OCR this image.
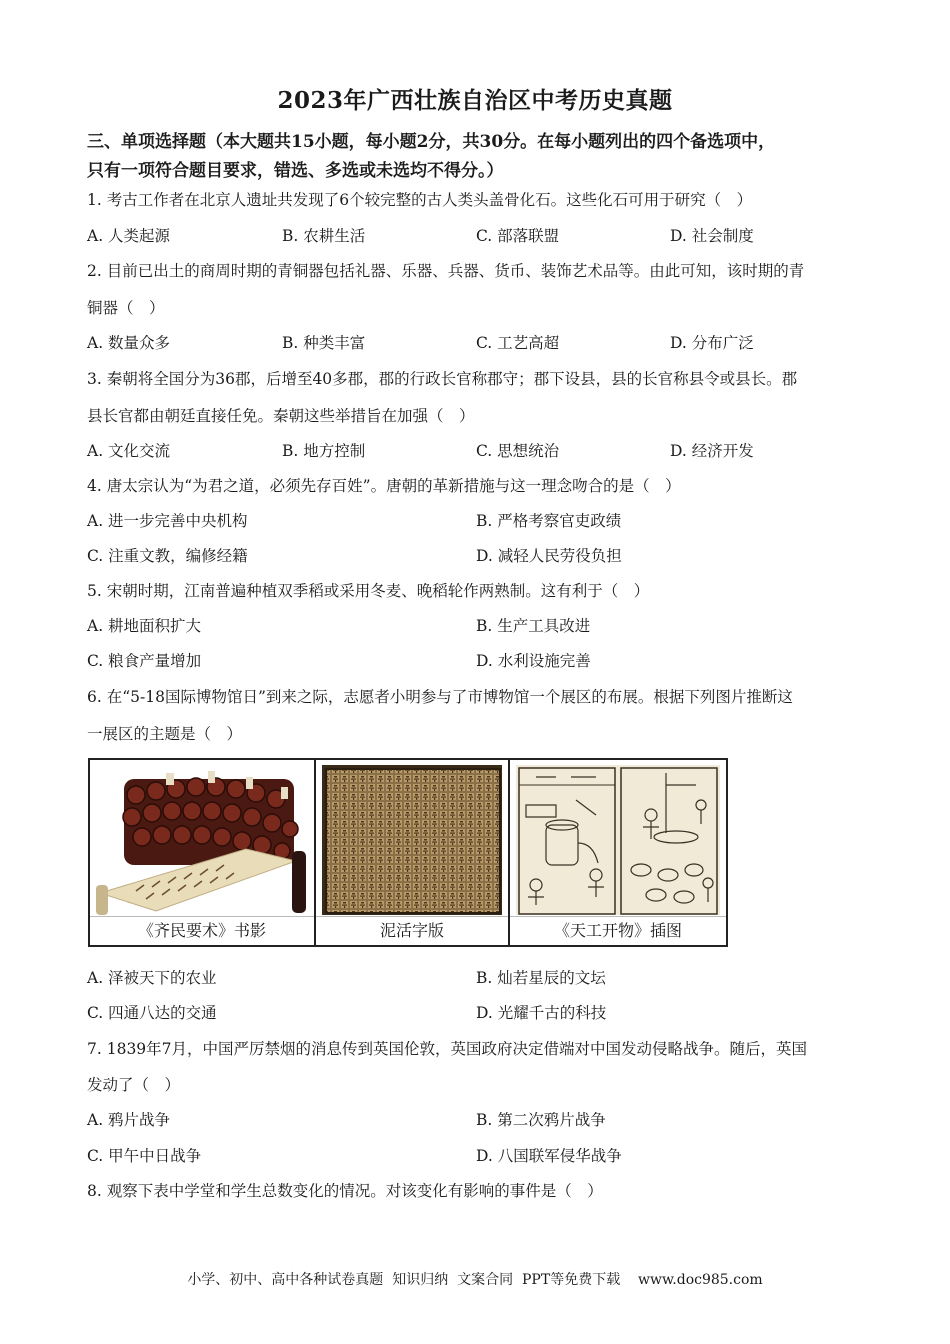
2023年广西壮族自治区中考历史真题
三、单项选择题（本大题共15小题，每小题2分，共30分。在每小题列出的四个备选项中，
只有一项符合题目要求，错选、多选或未选均不得分。）
1. 考古工作者在北京人遗址共发现了6个较完整的古人类头盖骨化石。这些化石可用于研究（　）
A. 人类起源	B. 农耕生活	C. 部落联盟	D. 社会制度
2. 目前已出土的商周时期的青铜器包括礼器、乐器、兵器、货币、装饰艺术品等。由此可知，该时期的青
铜器（　）
A. 数量众多	B. 种类丰富	C. 工艺高超	D. 分布广泛
3. 秦朝将全国分为36郡，后增至40多郡，郡的行政长官称郡守；郡下设县，县的长官称县令或县长。郡
县长官都由朝廷直接任免。秦朝这些举措旨在加强（　）
A. 文化交流	B. 地方控制	C. 思想统治	D. 经济开发
4. 唐太宗认为“为君之道，必须先存百姓”。唐朝的革新措施与这一理念吻合的是（　）
A. 进一步完善中央机构	B. 严格考察官吏政绩
C. 注重文教，编修经籍	D. 减轻人民劳役负担
5. 宋朝时期，江南普遍种植双季稻或采用冬麦、晚稻轮作两熟制。这有利于（　）
A. 耕地面积扩大	B. 生产工具改进
C. 粮食产量增加	D. 水利设施完善
6. 在“5-18国际博物馆日”到来之际，志愿者小明参与了市博物馆一个展区的布展。根据下列图片推断这
一展区的主题是（　）
《齐民要术》书影	泥活字版	《天工开物》插图
A. 泽被天下的农业	B. 灿若星辰的文坛
C. 四通八达的交通	D. 光耀千古的科技
7. 1839年7月，中国严厉禁烟的消息传到英国伦敦，英国政府决定借端对中国发动侵略战争。随后，英国
发动了（　）
A. 鸦片战争	B. 第二次鸦片战争
C. 甲午中日战争	D. 八国联军侵华战争
8. 观察下表中学堂和学生总数变化的情况。对该变化有影响的事件是（　）
小学、初中、高中各种试卷真题  知识归纳  文案合同  PPT等免费下载    www.doc985.com
